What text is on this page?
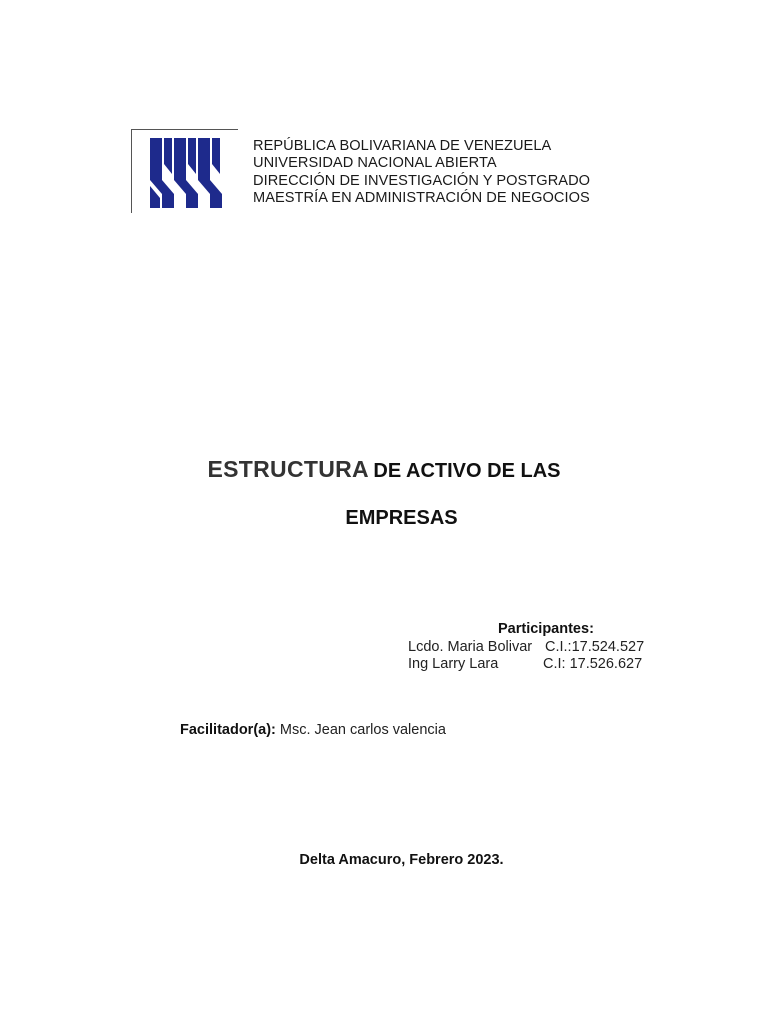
REPÚBLICA BOLIVARIANA DE VENEZUELA
UNIVERSIDAD NACIONAL ABIERTA
DIRECCIÓN DE INVESTIGACIÓN Y POSTGRADO
MAESTRÍA EN ADMINISTRACIÓN DE NEGOCIOS
ESTRUCTURA DE ACTIVO DE LAS
EMPRESAS
Participantes:
Lcdo. Maria Bolivar C.I.:17.524.527
Ing Larry Lara	C.I: 17.526.627
Facilitador(a): Msc. Jean carlos valencia
Delta Amacuro, Febrero 2023.
